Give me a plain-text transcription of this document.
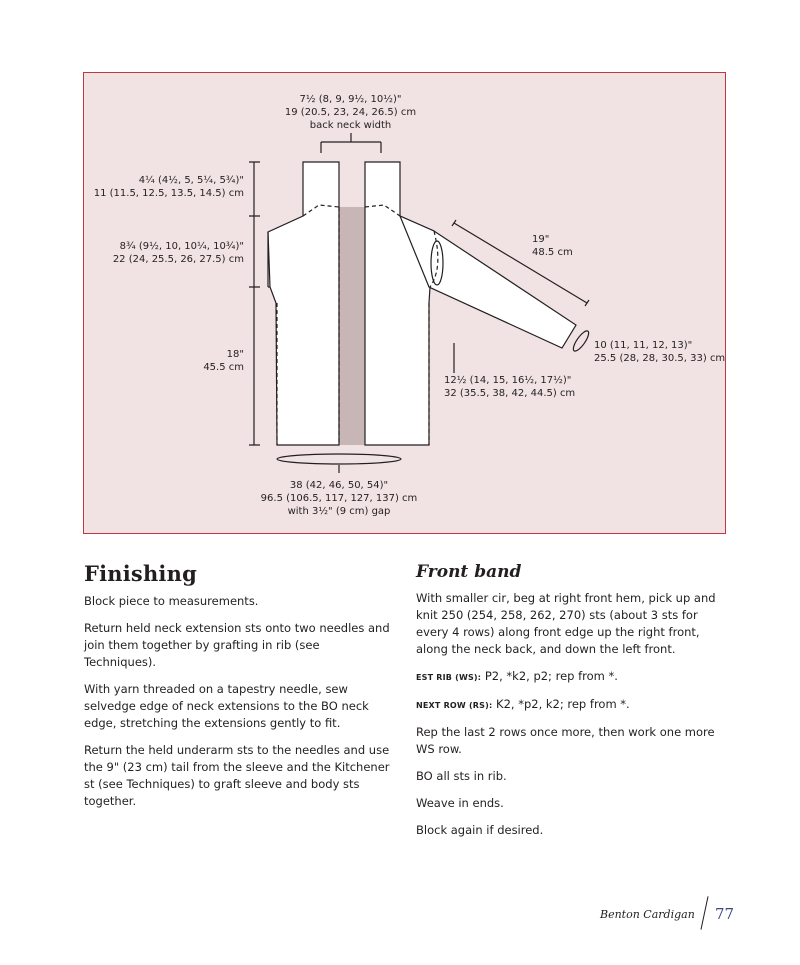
7½ (8, 9, 9½, 10½)"
19 (20.5, 23, 24, 26.5) cm
back neck width
4¼ (4½, 5, 5¼, 5¾)"
11 (11.5, 12.5, 13.5, 14.5) cm
8¾ (9½, 10, 10¼, 10¾)"
22 (24, 25.5, 26, 27.5) cm
18"
45.5 cm
19"
48.5 cm
10 (11, 11, 12, 13)"
25.5 (28, 28, 30.5, 33) cm
12½ (14, 15, 16½, 17½)"
32 (35.5, 38, 42, 44.5) cm
38 (42, 46, 50, 54)"
96.5 (106.5, 117, 127, 137) cm
with 3½" (9 cm) gap
Finishing

Block piece to measurements.

Return held neck extension sts onto two needles and join them together by grafting in rib (see Techniques).

With yarn threaded on a tapestry needle, sew selvedge edge of neck extensions to the BO neck edge, stretching the extensions gently to fit.

Return the held underarm sts to the needles and use the 9" (23 cm) tail from the sleeve and the Kitchener st (see Techniques) to graft sleeve and body sts together.

Front band

With smaller cir, beg at right front hem, pick up and knit 250 (254, 258, 262, 270) sts (about 3 sts for every 4 rows) along front edge up the right front, along the neck back, and down the left front.

EST RIB (WS): P2, *k2, p2; rep from *.

NEXT ROW (RS): K2, *p2, k2; rep from *.

Rep the last 2 rows once more, then work one more WS row.

BO all sts in rib.

Weave in ends.

Block again if desired.

Benton Cardigan 77
